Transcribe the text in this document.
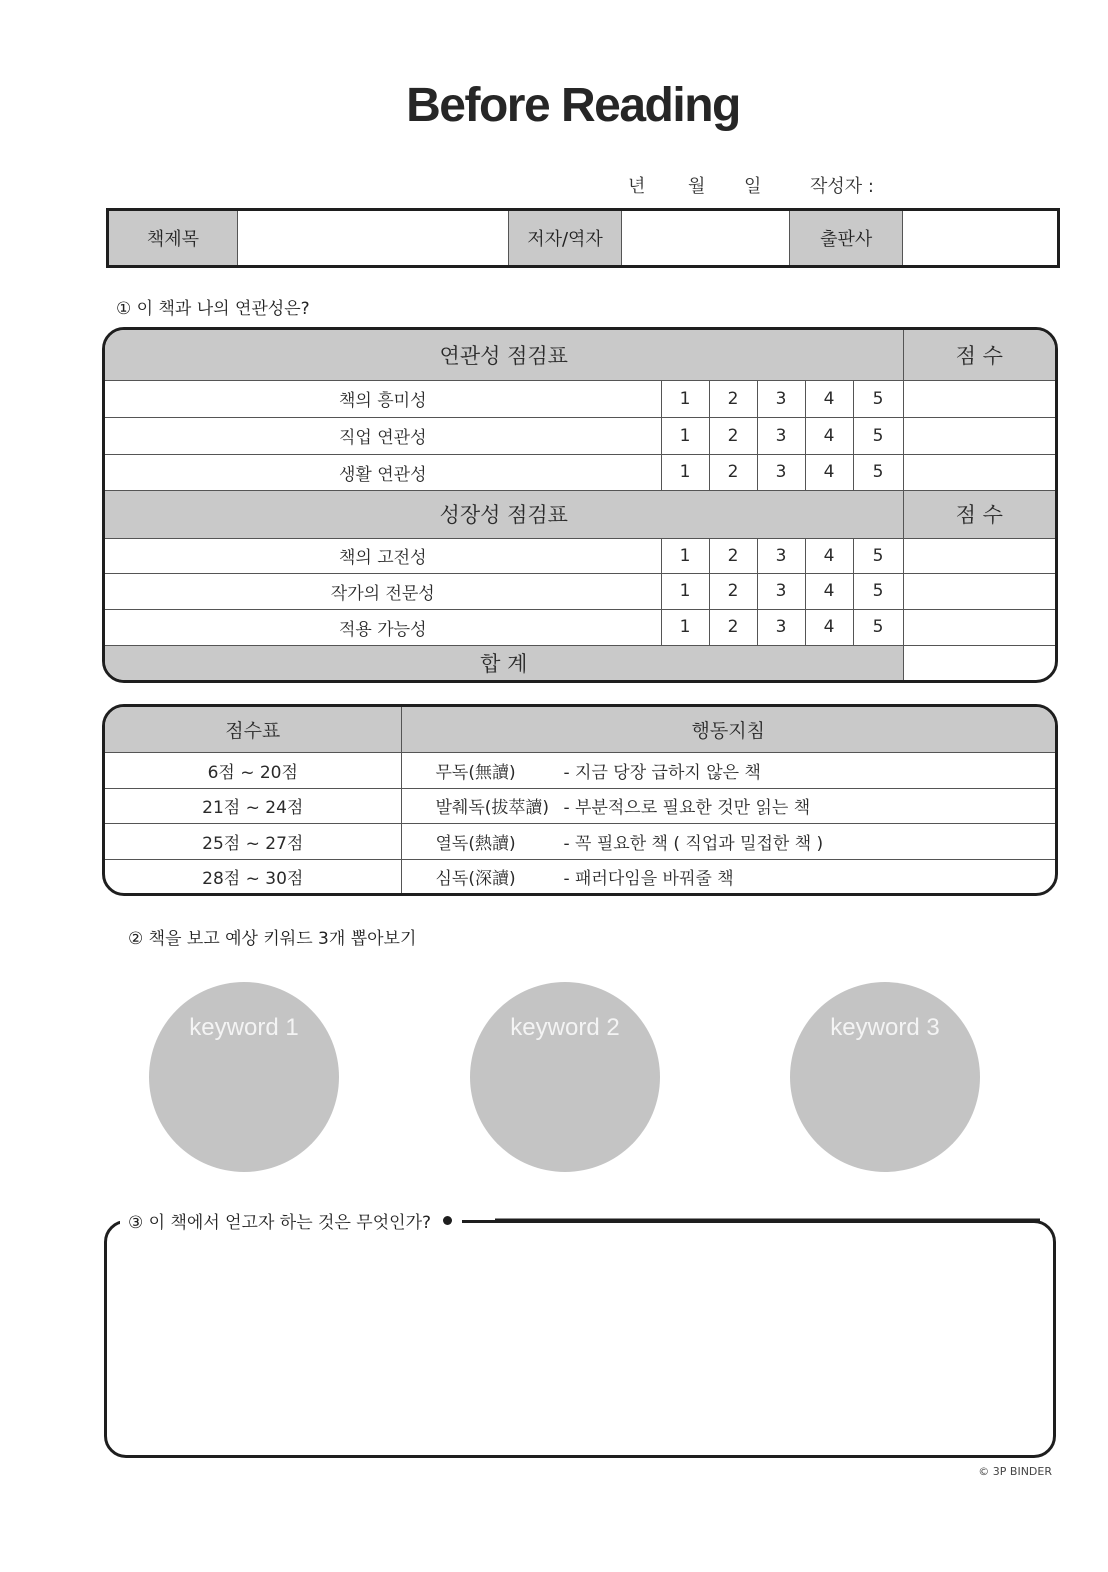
Before Reading
년 월 일	작성자 :
책제목	저자/역자	출판사
① 이 책과 나의 연관성은?
연관성 점검표						점 수
책의 흥미성	1	2	3	4	5	
직업 연관성	1	2	3	4	5	
생활 연관성	1	2	3	4	5	
성장성 점검표						점 수
책의 고전성	1	2	3	4	5	
작가의 전문성	1	2	3	4	5	
적용 가능성	1	2	3	4	5	
합 계						
점수표	행동지침
6점 ~ 20점	무독(無讀) - 지금 당장 급하지 않은 책
21점 ~ 24점	발췌독(拔萃讀) - 부분적으로 필요한 것만 읽는 책
25점 ~ 27점	열독(熱讀) - 꼭 필요한 책 ( 직업과 밀접한 책 )
28점 ~ 30점	심독(深讀) - 패러다임을 바꿔줄 책
② 책을 보고 예상 키워드 3개 뽑아보기
keyword 1	keyword 2	keyword 3
③ 이 책에서 얻고자 하는 것은 무엇인가?
© 3P BINDER
